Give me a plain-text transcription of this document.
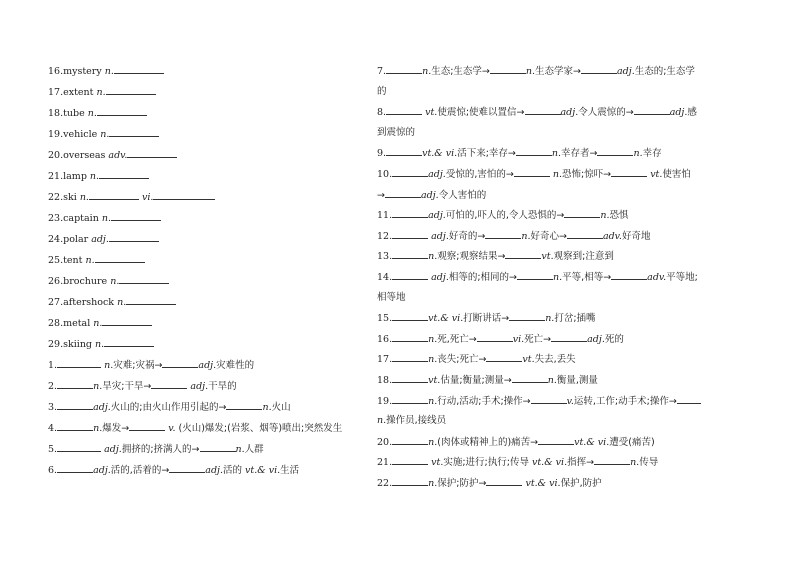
16.mystery n.
17.extent n.
18.tube n.
19.vehicle n.
20.overseas adv.
21.lamp n.
22.ski n.	vi.
23.captain n.
24.polar adj.
25.tent n.
26.brochure n.
27.aftershock n.
28.metal n.
29.skiing n.
1.	n.灾难;灾祸→	adj.灾难性的
2.	n.旱灾;干旱→	adj.干旱的
3.	adj.火山的;由火山作用引起的→	n.火山
4.	n.爆发→	v. (火山)爆发;(岩浆、烟等)喷出;突然发生
5.	adj.拥挤的;挤满人的→	n.人群
6.	adj.活的,活着的→	adj.活的 vt.& vi.生活
7.	n.生态;生态学→	n.生态学家→	adj.生态的;生态学
的
8.	vt.使震惊;使难以置信→	adj.令人震惊的→	adj.感
到震惊的
9.	vt.& vi.活下来;幸存→	n.幸存者→	n.幸存
10.	adj.受惊的,害怕的→	n.恐怖;惊吓→	vt.使害怕
→	adj.令人害怕的
11.	adj.可怕的,吓人的,令人恐惧的→	n.恐惧
12.	adj.好奇的→	n.好奇心→	adv.好奇地
13.	n.观察;观察结果→	vt.观察到;注意到
14.	adj.相等的;相同的→	n.平等,相等→	adv.平等地;
相等地
15.	vt.& vi.打断讲话→	n.打岔;插嘴
16.	n.死,死亡→	vi.死亡→	adj.死的
17.	n.丧失;死亡→	vt.失去,丢失
18.	vt.估量;衡量;测量→	n.衡量,测量
19.	n.行动,活动;手术;操作→	v.运转,工作;动手术;操作→
n.操作员,接线员
20.	n.(肉体或精神上的)痛苦→	vt.& vi.遭受(痛苦)
21.	vt.实施;进行;执行;传导 vt.& vi.指挥→	n.传导
22.	n.保护;防护→	vt.& vi.保护,防护
